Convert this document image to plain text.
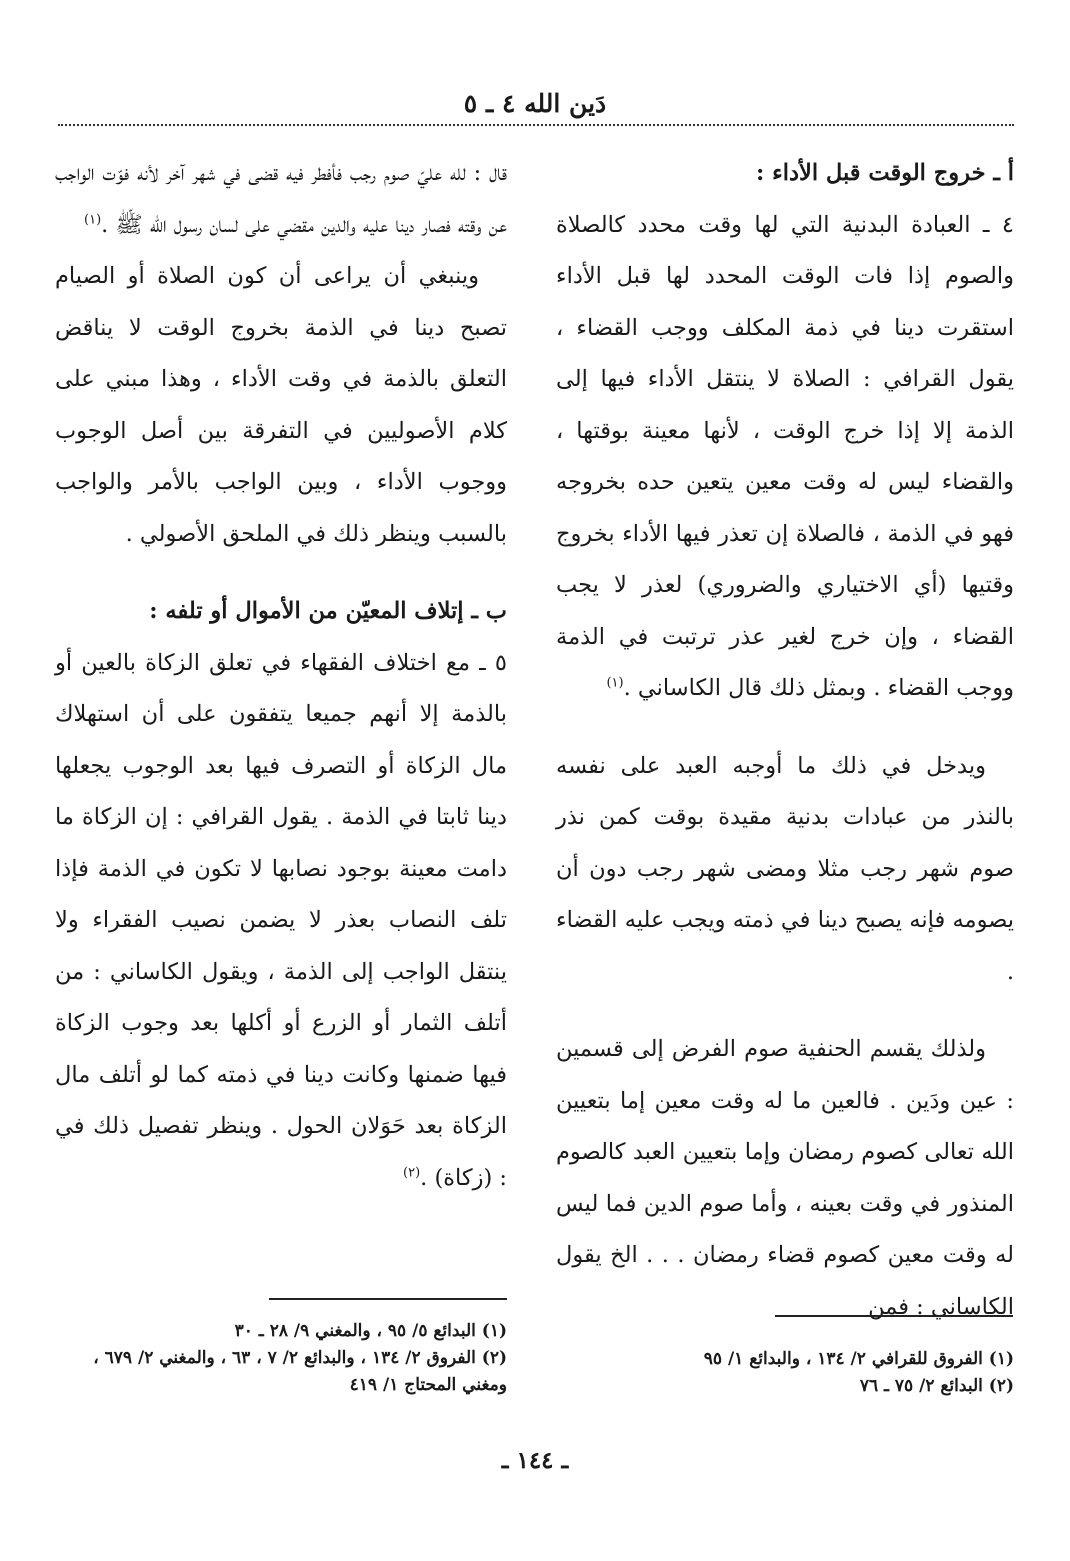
دَين الله ٤ ـ ٥

أ ـ خروج الوقت قبل الأداء :

٤ ـ العبادة البدنية التي لها وقت محدد كالصلاة والصوم إذا فات الوقت المحدد لها قبل الأداء استقرت دينا في ذمة المكلف ووجب القضاء ، يقول القرافي : الصلاة لا ينتقل الأداء فيها إلى الذمة إلا إذا خرج الوقت ، لأنها معينة بوقتها ، والقضاء ليس له وقت معين يتعين حده بخروجه فهو في الذمة ، فالصلاة إن تعذر فيها الأداء بخروج وقتيها (أي الاختياري والضروري) لعذر لا يجب القضاء ، وإن خرج لغير عذر ترتبت في الذمة ووجب القضاء . وبمثل ذلك قال الكاساني .$^{(١)}$

ويدخل في ذلك ما أوجبه العبد على نفسه بالنذر من عبادات بدنية مقيدة بوقت كمن نذر صوم شهر رجب مثلا ومضى شهر رجب دون أن يصومه فإنه يصبح دينا في ذمته ويجب عليه القضاء .

ولذلك يقسم الحنفية صوم الفرض إلى قسمين : عين ودَين . فالعين ما له وقت معين إما بتعيين الله تعالى كصوم رمضان وإما بتعيين العبد كالصوم المنذور في وقت بعينه ، وأما صوم الدين فما ليس له وقت معين كصوم قضاء رمضان . . . الخ يقول الكاساني : فمن

قال : لله عليّ صوم رجب فأفطر فيه قضى في شهر آخر لأنه فوّت الواجب عن وقته فصار دينا عليه والدين مقضي على لسان رسول الله ﷺ .$^{(١)}$

وينبغي أن يراعى أن كون الصلاة أو الصيام تصبح دينا في الذمة بخروج الوقت لا يناقض التعلق بالذمة في وقت الأداء ، وهذا مبني على كلام الأصوليين في التفرقة بين أصل الوجوب ووجوب الأداء ، وبين الواجب بالأمر والواجب بالسبب وينظر ذلك في الملحق الأصولي .

ب ـ إتلاف المعيّن من الأموال أو تلفه :

٥ ـ مع اختلاف الفقهاء في تعلق الزكاة بالعين أو بالذمة إلا أنهم جميعا يتفقون على أن استهلاك مال الزكاة أو التصرف فيها بعد الوجوب يجعلها دينا ثابتا في الذمة . يقول القرافي : إن الزكاة ما دامت معينة بوجود نصابها لا تكون في الذمة فإذا تلف النصاب بعذر لا يضمن نصيب الفقراء ولا ينتقل الواجب إلى الذمة ، ويقول الكاساني : من أتلف الثمار أو الزرع أو أكلها بعد وجوب الزكاة فيها ضمنها وكانت دينا في ذمته كما لو أتلف مال الزكاة بعد حَوَلان الحول . وينظر تفصيل ذلك في : (زكاة) .$^{(٢)}$

(١) الفروق للقرافي ٢/ ١٣٤ ، والبدائع ١/ ٩٥

(٢) البدائع ٢/ ٧٥ ـ ٧٦

(١) البدائع ٥/ ٩٥ ، والمغني ٩/ ٢٨ ـ ٣٠

(٢) الفروق ٢/ ١٣٤ ، والبدائع ٢/ ٧ ، ٦٣ ، والمغني ٢/ ٦٧٩ ، ومغني المحتاج ١/ ٤١٩

ـ ١٤٤ ـ
